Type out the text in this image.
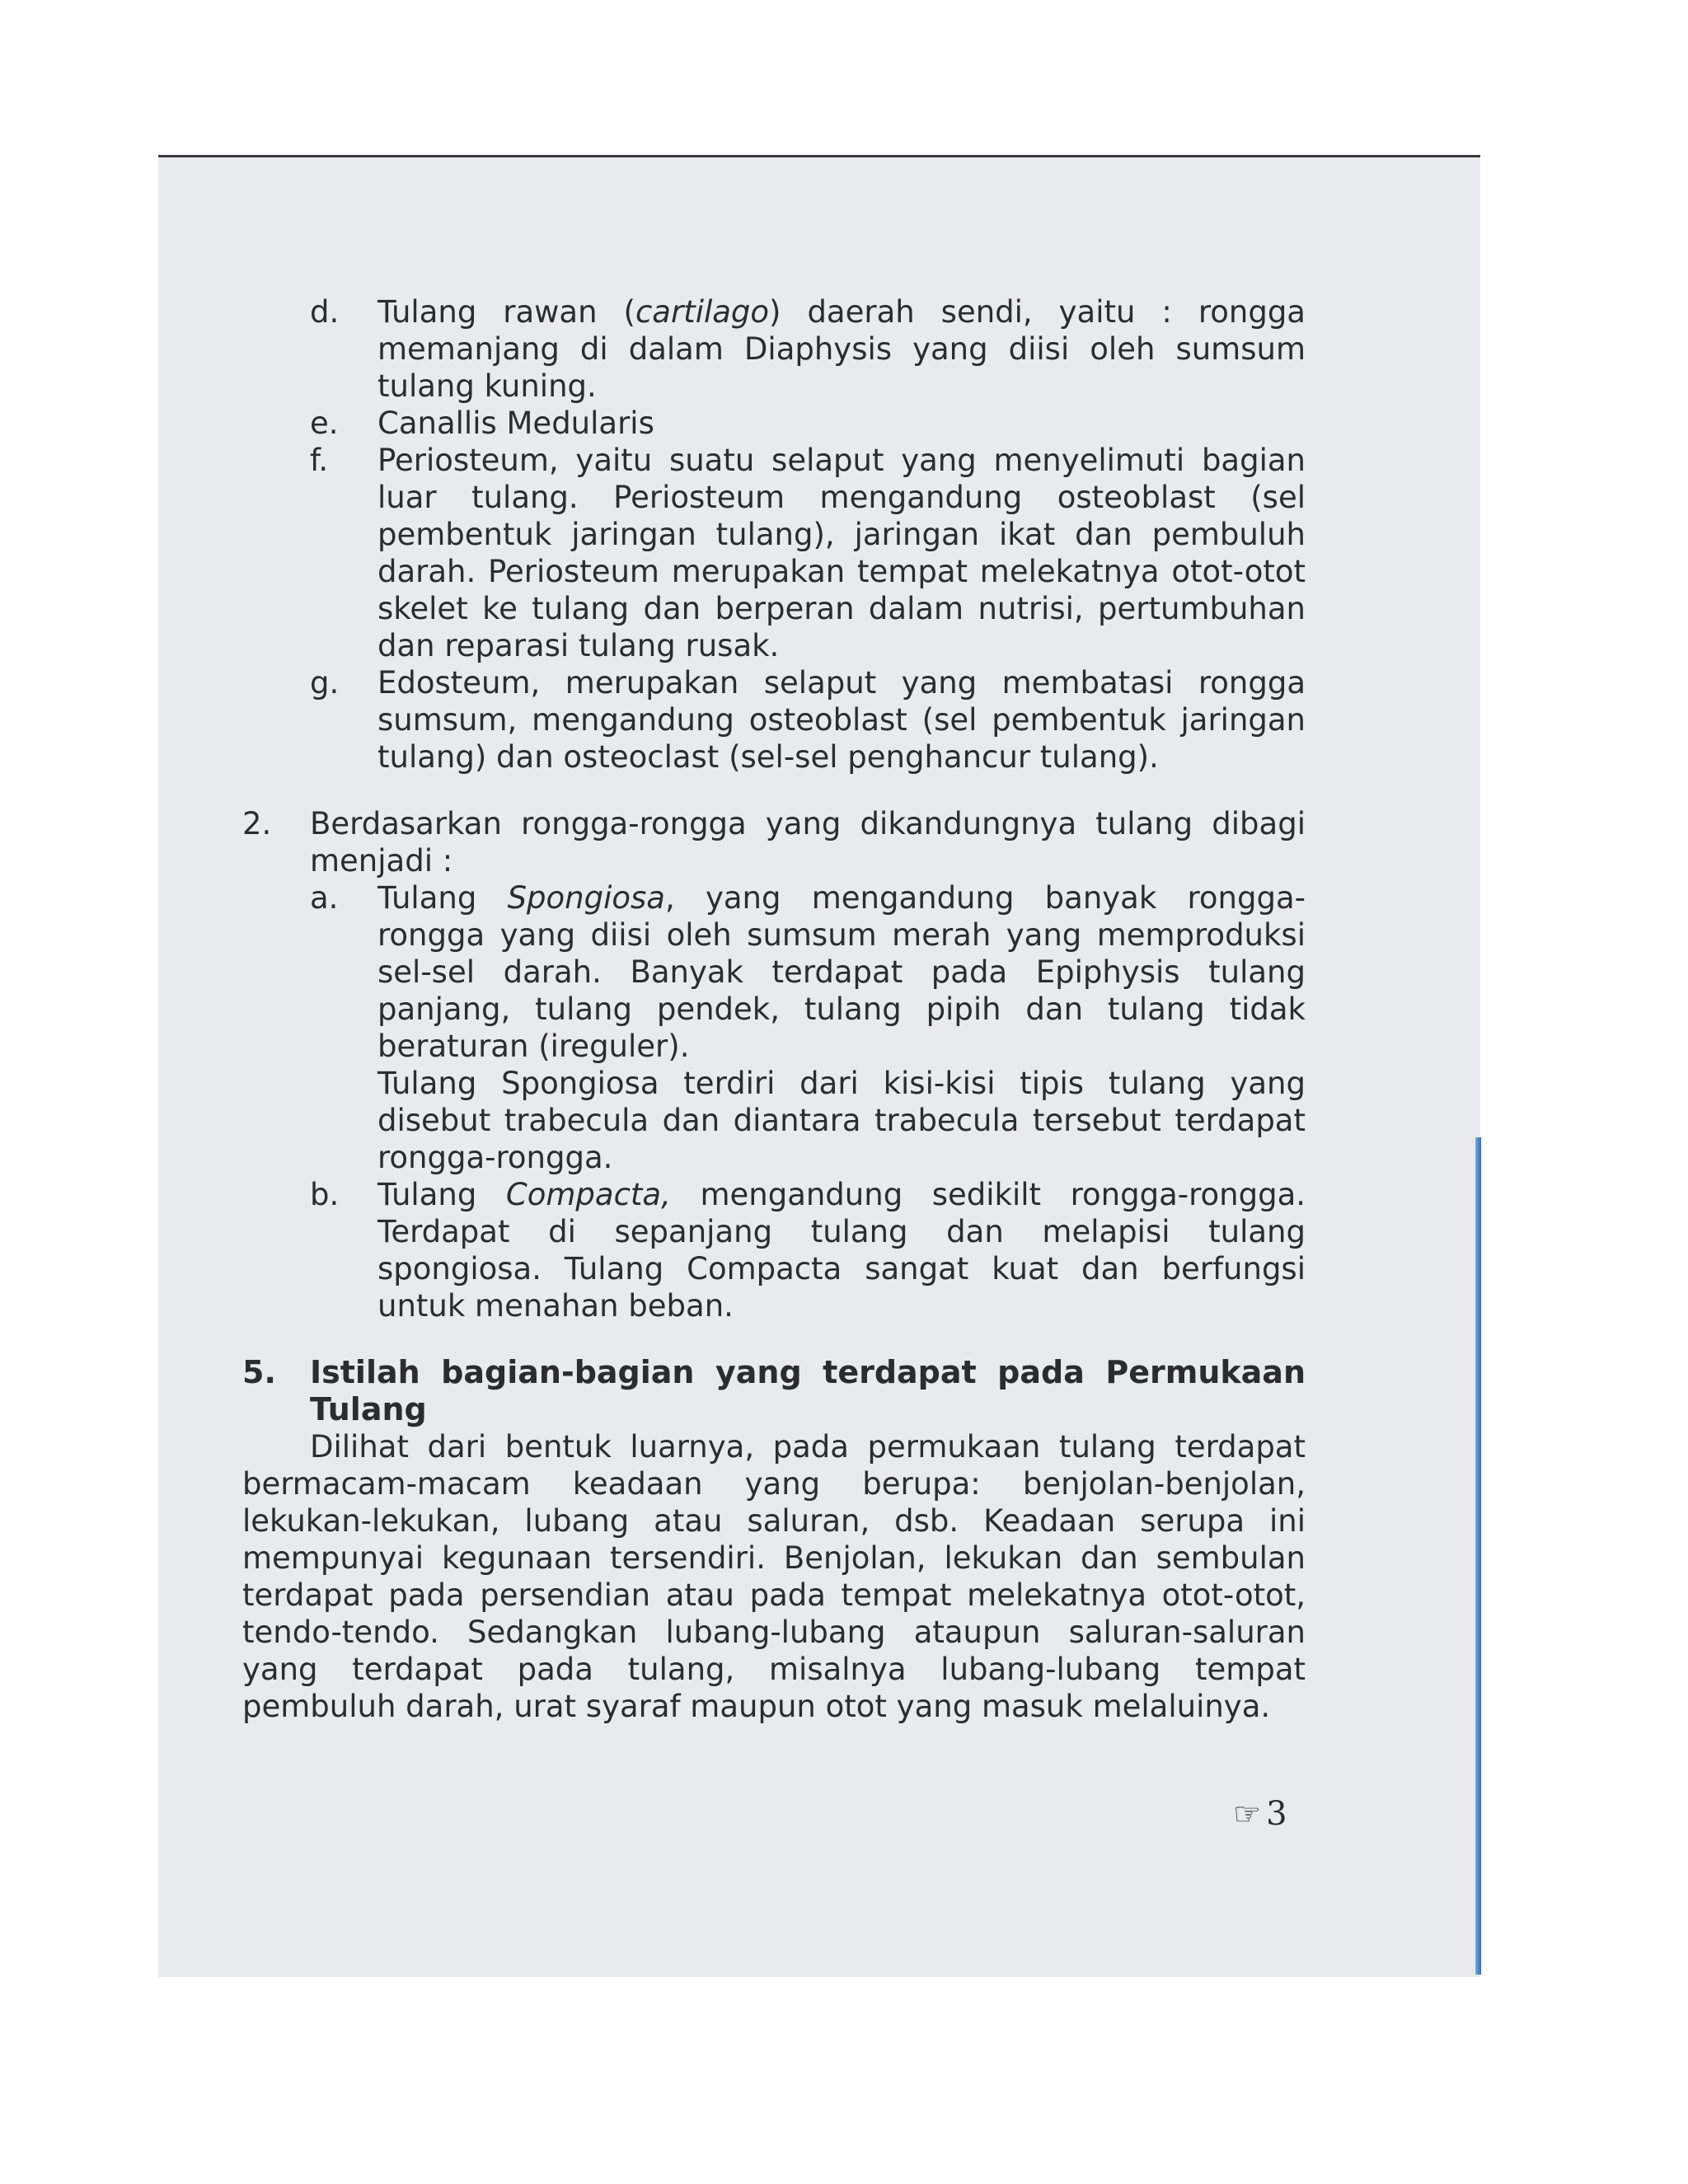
d. Tulang rawan (cartilago) daerah sendi, yaitu : rongga memanjang di dalam Diaphysis yang diisi oleh sumsum tulang kuning.
e. Canallis Medularis
f. Periosteum, yaitu suatu selaput yang menyelimuti bagian luar tulang. Periosteum mengandung osteoblast (sel pembentuk jaringan tulang), jaringan ikat dan pembuluh darah. Periosteum merupakan tempat melekatnya otot-otot skelet ke tulang dan berperan dalam nutrisi, pertumbuhan dan reparasi tulang rusak.
g. Edosteum, merupakan selaput yang membatasi rongga sumsum, mengandung osteoblast (sel pembentuk jaringan tulang) dan osteoclast (sel-sel penghancur tulang).
2. Berdasarkan rongga-rongga yang dikandungnya tulang dibagi menjadi :
a. Tulang Spongiosa, yang mengandung banyak rongga-rongga yang diisi oleh sumsum merah yang memproduksi sel-sel darah. Banyak terdapat pada Epiphysis tulang panjang, tulang pendek, tulang pipih dan tulang tidak beraturan (ireguler).
Tulang Spongiosa terdiri dari kisi-kisi tipis tulang yang disebut trabecula dan diantara trabecula tersebut terdapat rongga-rongga.
b. Tulang Compacta, mengandung sedikilt rongga-rongga. Terdapat di sepanjang tulang dan melapisi tulang spongiosa. Tulang Compacta sangat kuat dan berfungsi untuk menahan beban.
5. Istilah bagian-bagian yang terdapat pada Permukaan Tulang
Dilihat dari bentuk luarnya, pada permukaan tulang terdapat bermacam-macam keadaan yang berupa: benjolan-benjolan, lekukan-lekukan, lubang atau saluran, dsb. Keadaan serupa ini mempunyai kegunaan tersendiri. Benjolan, lekukan dan sembulan terdapat pada persendian atau pada tempat melekatnya otot-otot, tendo-tendo. Sedangkan lubang-lubang ataupun saluran-saluran yang terdapat pada tulang, misalnya lubang-lubang tempat pembuluh darah, urat syaraf maupun otot yang masuk melaluinya.
☞ 3
